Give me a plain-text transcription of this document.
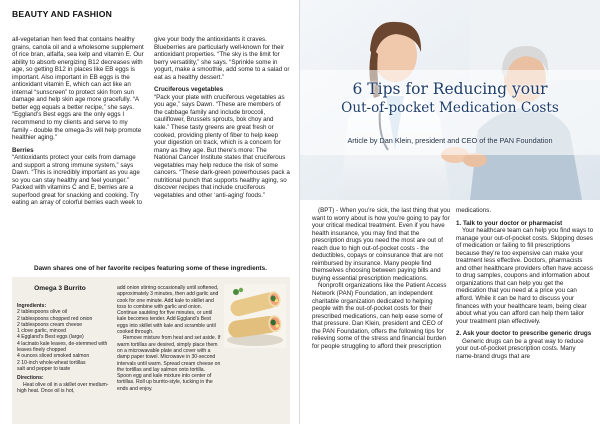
BEAUTY AND FASHION

all-vegetarian hen feed that contains healthy grains, canola oil and a wholesome supplement of rice bran, alfalfa, sea kelp and vitamin E. Our ability to absorb energizing B12 decreases with age, so getting B12 in places like EB eggs is important. Also important in EB eggs is the antioxidant vitamin E, which can act like an internal “sunscreen” to protect skin from sun damage and help skin age more gracefully. “A better egg equals a better recipe,” she says. “Eggland’s Best eggs are the only eggs I recommend to my clients and serve to my family - double the omega-3s will help promote healthier aging.”

Berries

“Antioxidants protect your cells from damage and support a strong immune system,” says Dawn. “This is incredibly important as you age so you can stay healthy and feel younger.” Packed with vitamins C and E, berries are a superfood great for snacking and cooking. Try eating an array of colorful berries each week to

give your body the antioxidants it craves. Blueberries are particularly well-known for their antioxidant properties. “The sky is the limit for berry versatility,” she says. “Sprinkle some in yogurt, make a smoothie, add some to a salad or eat as a healthy dessert.”

Cruciferous vegetables

“Pack your plate with cruciferous vegetables as you age,” says Dawn. “These are members of the cabbage family and include broccoli, cauliflower, Brussels sprouts, bok choy and kale.” These tasty greens are great fresh or cooked, providing plenty of fiber to help keep your digestion on track, which is a concern for many as they age. But there’s more: The National Cancer Institute states that cruciferous vegetables may help reduce the risk of some cancers. “These dark-green powerhouses pack a nutritional punch that supports healthy aging, so discover recipes that include cruciferous vegetables and other ‘anti-aging’ foods.”

Dawn shares one of her favorite recipes featuring some of these ingredients.
Omega 3 Burrito
Ingredients:
2 tablespoons olive oil
2 tablespoons chopped red onion
2 tablespoons cream cheese
1 clove garlic, minced
4 Eggland’s Best eggs (large)
4 lacinato kale leaves, de-stemmed with leaves finely chopped
4 ounces sliced smoked salmon
2 10-inch whole-wheat tortillas
salt and pepper to taste
Directions:
Heat olive oil in a skillet over medium-high heat. Once oil is hot,
add onion stirring occasionally until softened, approximately 3 minutes, then add garlic and cook for one minute. Add kale to skillet and toss to combine with garlic and onion. Continue sautéing for five minutes, or until kale becomes tender. Add Eggland’s Best eggs into skillet with kale and scramble until cooked through.
Remove mixture from heat and set aside. If warm tortillas are desired, simply place them on a microwavable plate and cover with a damp paper towel. Microwave in 30-second intervals until warm. Spread cream cheese on the tortillas and lay salmon onto tortilla. Spoon egg and kale mixture into center of tortillas. Roll up burrito-style, tucking in the ends and enjoy.
6 Tips for Reducing your
Out-of-pocket Medication Costs
Article by Dan Klein, president and CEO of the PAN Foundation

(BPT) - When you’re sick, the last thing that you want to worry about is how you’re going to pay for your critical medical treatment. Even if you have health insurance, you may find that the prescription drugs you need the most are out of reach due to high out-of-pocket costs - the deductibles, copays or coinsurance that are not reimbursed by insurance. Many people find themselves choosing between paying bills and buying essential prescription medications.

Nonprofit organizations like the Patient Access Network (PAN) Foundation, an independent charitable organization dedicated to helping people with the out-of-pocket costs for their prescribed medications, can help ease some of that pressure. Dan Klein, president and CEO of the PAN Foundation, offers the following tips for relieving some of the stress and financial burden for people struggling to afford their prescription

medications.

1. Talk to your doctor or pharmacist

Your healthcare team can help you find ways to manage your out-of-pocket costs. Skipping doses of medication or failing to fill prescriptions because they’re too expensive can make your treatment less effective. Doctors, pharmacists and other healthcare providers often have access to drug samples, coupons and information about organizations that can help you get the medication that you need at a price you can afford. While it can be hard to discuss your finances with your healthcare team, being clear about what you can afford can help them tailor your treatment plan effectively.

2. Ask your doctor to prescribe generic drugs

Generic drugs can be a great way to reduce your out-of-pocket prescription costs. Many name-brand drugs that are
